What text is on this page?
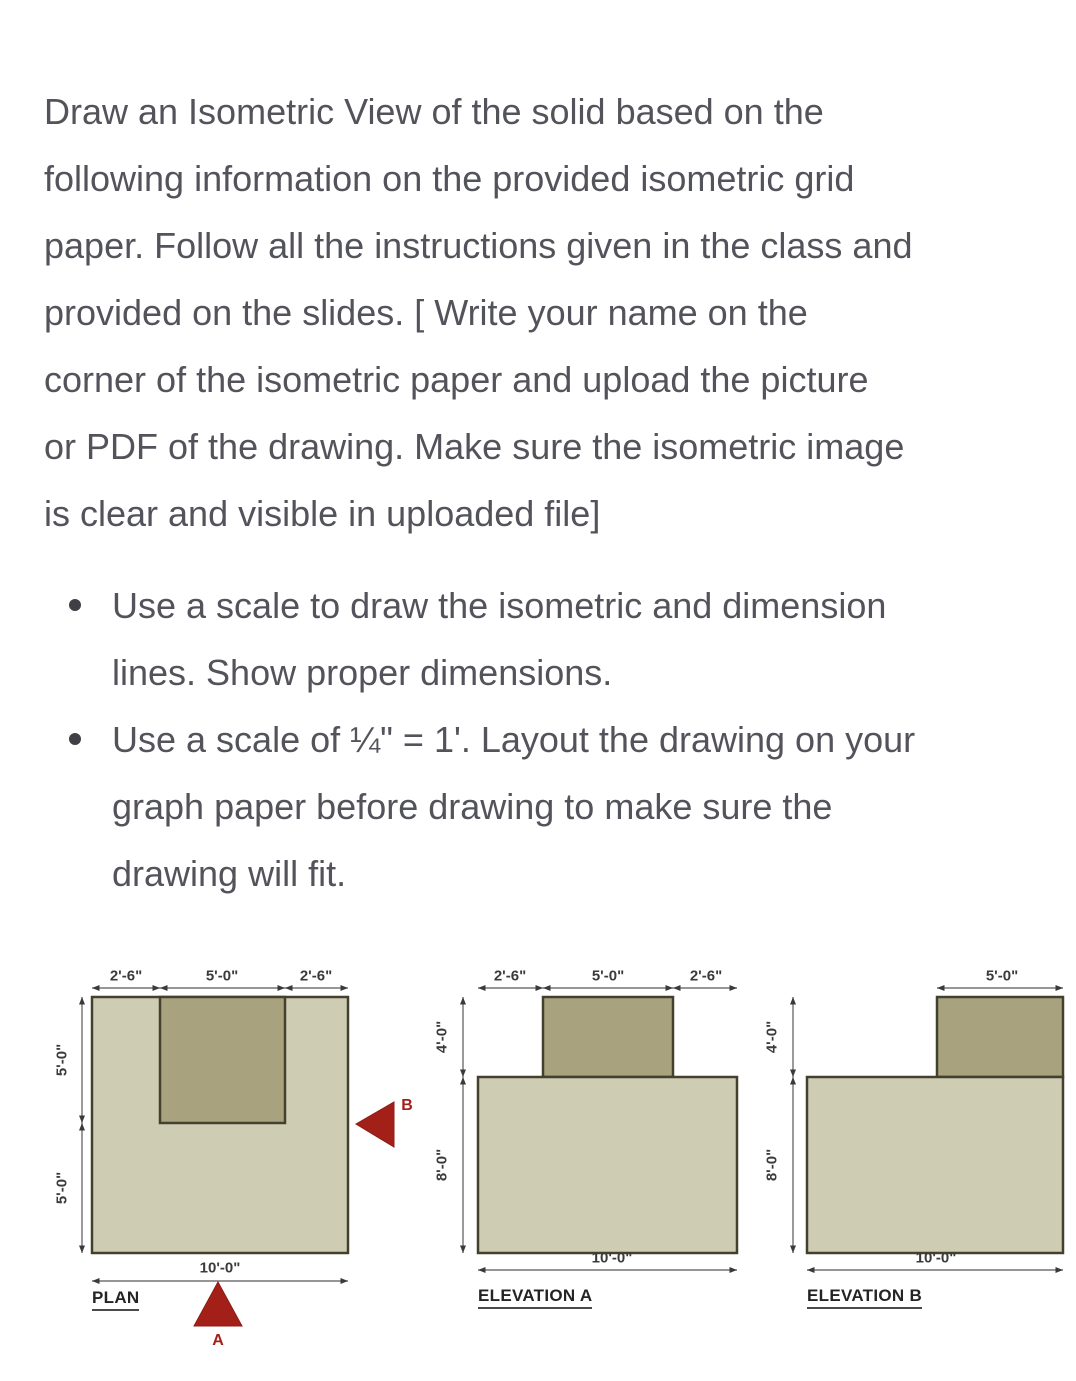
Draw an Isometric View of the solid based on the
following information on the provided isometric grid
paper. Follow all the instructions given in the class and
provided on the slides. [ Write your name on the
corner of the isometric paper and upload the picture
or PDF of the drawing. Make sure the isometric image
is clear and visible in uploaded file]
Use a scale to draw the isometric and dimension
lines. Show proper dimensions.
Use a scale of ¼" = 1'. Layout the drawing on your
graph paper before drawing to make sure the
drawing will fit.
2'-6"	5'-0"	2'-6"
5'-0"
5'-0"
10'-0"
PLAN
A
B
2'-6"	5'-0"	2'-6"
4'-0"
8'-0"
10'-0"
ELEVATION A
5'-0"
4'-0"
8'-0"
10'-0"
ELEVATION B
